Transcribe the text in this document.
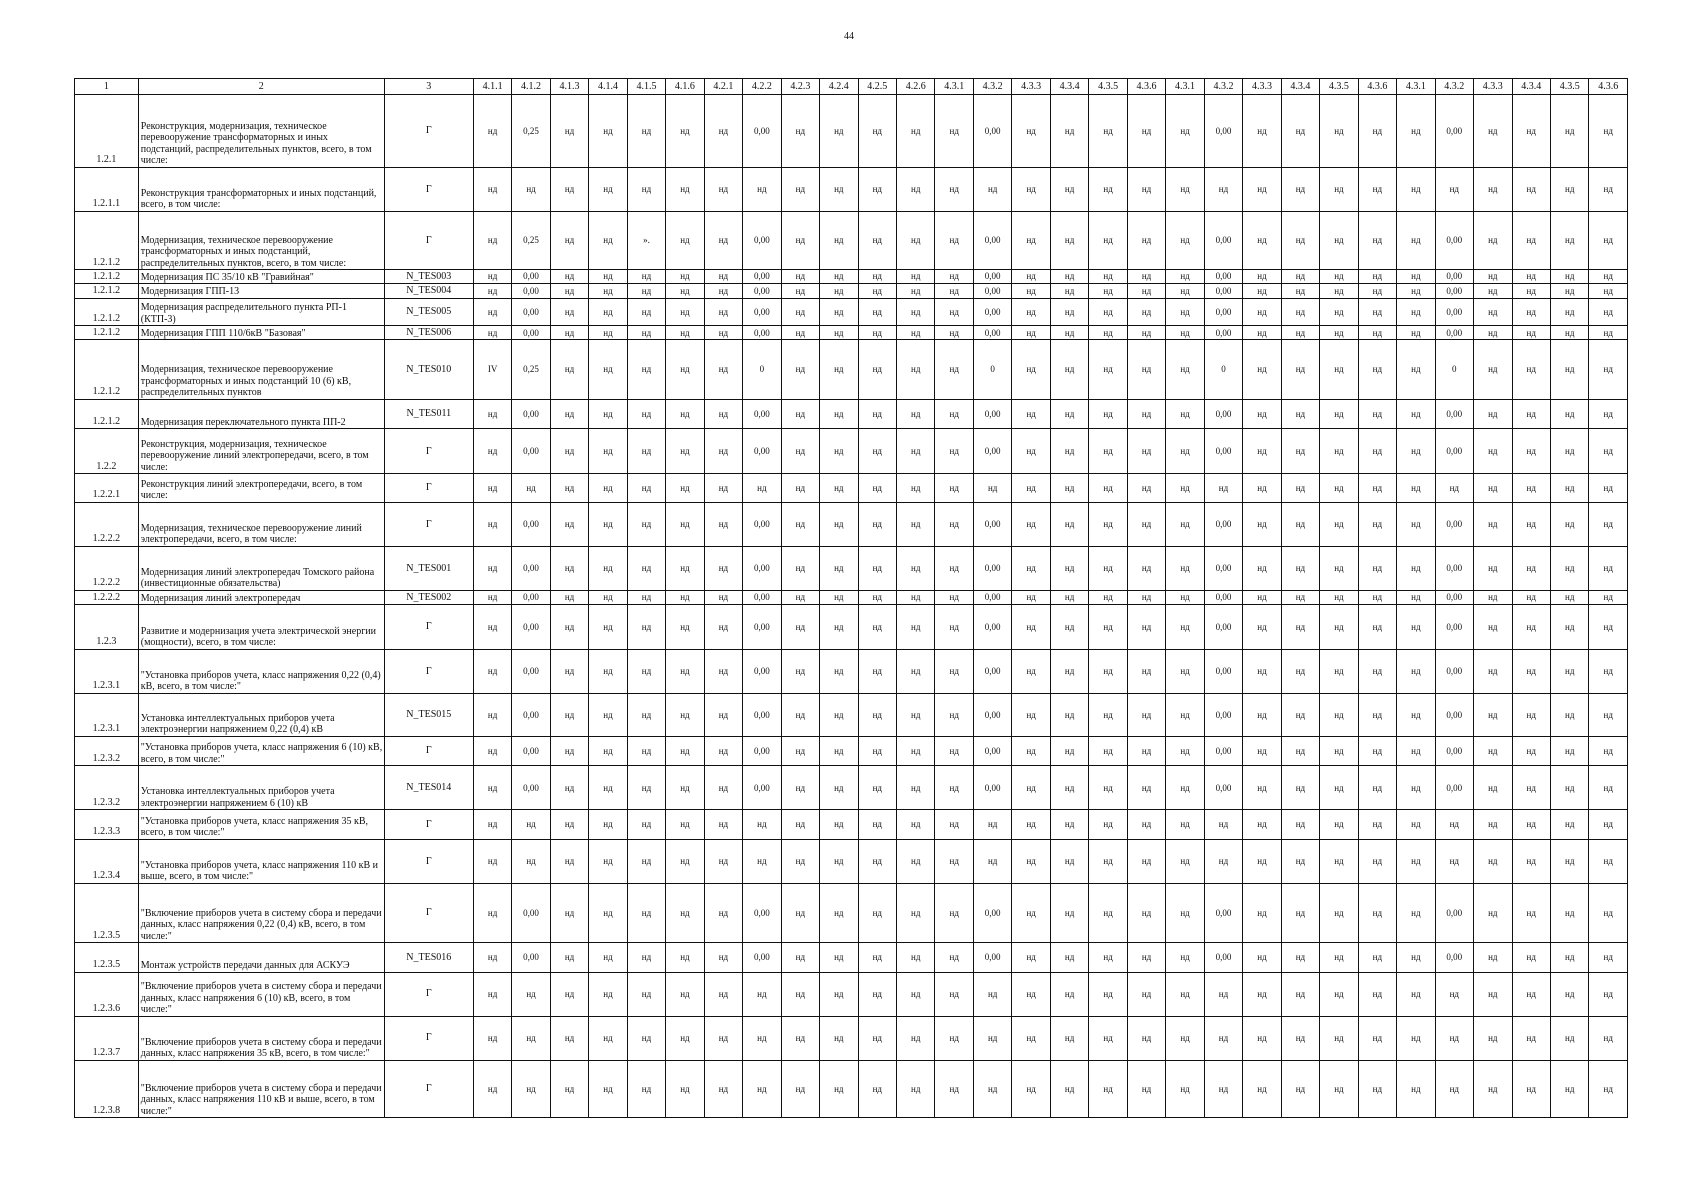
44
1	2	3	4.1.1	4.1.2	4.1.3	4.1.4	4.1.5	4.1.6	4.2.1	4.2.2	4.2.3	4.2.4	4.2.5	4.2.6	4.3.1	4.3.2	4.3.3	4.3.4	4.3.5	4.3.6	4.3.1	4.3.2	4.3.3	4.3.4	4.3.5	4.3.6	4.3.1	4.3.2	4.3.3	4.3.4	4.3.5	4.3.6
1.2.1	Реконструкция, модернизация, техническое перевооружение трансформаторных и иных подстанций, распределительных пунктов, всего, в том числе:	Г	нд	0,25	нд	нд	нд	нд	нд	0,00	нд	нд	нд	нд	нд	0,00	нд	нд	нд	нд	нд	0,00	нд	нд	нд	нд	нд	0,00	нд	нд	нд	нд
1.2.1.1	Реконструкция трансформаторных и иных подстанций, всего, в том числе:	Г	нд	нд	нд	нд	нд	нд	нд	нд	нд	нд	нд	нд	нд	нд	нд	нд	нд	нд	нд	нд	нд	нд	нд	нд	нд	нд	нд	нд	нд	нд
1.2.1.2	Модернизация, техническое перевооружение трансформаторных и иных подстанций, распределительных пунктов, всего, в том числе:	Г	нд	0,25	нд	нд	».	нд	нд	0,00	нд	нд	нд	нд	нд	0,00	нд	нд	нд	нд	нд	0,00	нд	нд	нд	нд	нд	0,00	нд	нд	нд	нд
1.2.1.2	Модернизация ПС 35/10 кВ "Гравийная"	N_TES003	нд	0,00	нд	нд	нд	нд	нд	0,00	нд	нд	нд	нд	нд	0,00	нд	нд	нд	нд	нд	0,00	нд	нд	нд	нд	нд	0,00	нд	нд	нд	нд
1.2.1.2	Модернизация ГПП-13	N_TES004	нд	0,00	нд	нд	нд	нд	нд	0,00	нд	нд	нд	нд	нд	0,00	нд	нд	нд	нд	нд	0,00	нд	нд	нд	нд	нд	0,00	нд	нд	нд	нд
1.2.1.2	Модернизация распределительного пункта РП-1 (КТП-3)	N_TES005	нд	0,00	нд	нд	нд	нд	нд	0,00	нд	нд	нд	нд	нд	0,00	нд	нд	нд	нд	нд	0,00	нд	нд	нд	нд	нд	0,00	нд	нд	нд	нд
1.2.1.2	Модернизация ГПП 110/6кВ "Базовая"	N_TES006	нд	0,00	нд	нд	нд	нд	нд	0,00	нд	нд	нд	нд	нд	0,00	нд	нд	нд	нд	нд	0,00	нд	нд	нд	нд	нд	0,00	нд	нд	нд	нд
1.2.1.2	Модернизация, техническое перевооружение трансформаторных и иных подстанций 10 (6) кВ, распределительных пунктов	N_TES010	IV	0,25	нд	нд	нд	нд	нд	0	нд	нд	нд	нд	нд	0	нд	нд	нд	нд	нд	0	нд	нд	нд	нд	нд	0	нд	нд	нд	нд
1.2.1.2	Модернизация переключательного пункта ПП-2	N_TES011	нд	0,00	нд	нд	нд	нд	нд	0,00	нд	нд	нд	нд	нд	0,00	нд	нд	нд	нд	нд	0,00	нд	нд	нд	нд	нд	0,00	нд	нд	нд	нд
1.2.2	Реконструкция, модернизация, техническое перевооружение линий электропередачи, всего, в том числе:	Г	нд	0,00	нд	нд	нд	нд	нд	0,00	нд	нд	нд	нд	нд	0,00	нд	нд	нд	нд	нд	0,00	нд	нд	нд	нд	нд	0,00	нд	нд	нд	нд
1.2.2.1	Реконструкция линий электропередачи, всего, в том числе:	Г	нд	нд	нд	нд	нд	нд	нд	нд	нд	нд	нд	нд	нд	нд	нд	нд	нд	нд	нд	нд	нд	нд	нд	нд	нд	нд	нд	нд	нд	нд
1.2.2.2	Модернизация, техническое перевооружение линий электропередачи, всего, в том числе:	Г	нд	0,00	нд	нд	нд	нд	нд	0,00	нд	нд	нд	нд	нд	0,00	нд	нд	нд	нд	нд	0,00	нд	нд	нд	нд	нд	0,00	нд	нд	нд	нд
1.2.2.2	Модернизация линий электропередач Томского района (инвестиционные обязательства)	N_TES001	нд	0,00	нд	нд	нд	нд	нд	0,00	нд	нд	нд	нд	нд	0,00	нд	нд	нд	нд	нд	0,00	нд	нд	нд	нд	нд	0,00	нд	нд	нд	нд
1.2.2.2	Модернизация линий электропередач	N_TES002	нд	0,00	нд	нд	нд	нд	нд	0,00	нд	нд	нд	нд	нд	0,00	нд	нд	нд	нд	нд	0,00	нд	нд	нд	нд	нд	0,00	нд	нд	нд	нд
1.2.3	Развитие и модернизация учета электрической энергии (мощности), всего, в том числе:	Г	нд	0,00	нд	нд	нд	нд	нд	0,00	нд	нд	нд	нд	нд	0,00	нд	нд	нд	нд	нд	0,00	нд	нд	нд	нд	нд	0,00	нд	нд	нд	нд
1.2.3.1	"Установка приборов учета, класс напряжения 0,22 (0,4) кВ, всего, в том числе:"	Г	нд	0,00	нд	нд	нд	нд	нд	0,00	нд	нд	нд	нд	нд	0,00	нд	нд	нд	нд	нд	0,00	нд	нд	нд	нд	нд	0,00	нд	нд	нд	нд
1.2.3.1	Установка интеллектуальных приборов учета электроэнергии напряжением 0,22 (0,4) кВ	N_TES015	нд	0,00	нд	нд	нд	нд	нд	0,00	нд	нд	нд	нд	нд	0,00	нд	нд	нд	нд	нд	0,00	нд	нд	нд	нд	нд	0,00	нд	нд	нд	нд
1.2.3.2	"Установка приборов учета, класс напряжения 6 (10) кВ, всего, в том числе:"	Г	нд	0,00	нд	нд	нд	нд	нд	0,00	нд	нд	нд	нд	нд	0,00	нд	нд	нд	нд	нд	0,00	нд	нд	нд	нд	нд	0,00	нд	нд	нд	нд
1.2.3.2	Установка интеллектуальных приборов учета электроэнергии напряжением 6 (10) кВ	N_TES014	нд	0,00	нд	нд	нд	нд	нд	0,00	нд	нд	нд	нд	нд	0,00	нд	нд	нд	нд	нд	0,00	нд	нд	нд	нд	нд	0,00	нд	нд	нд	нд
1.2.3.3	"Установка приборов учета, класс напряжения 35 кВ, всего, в том числе:"	Г	нд	нд	нд	нд	нд	нд	нд	нд	нд	нд	нд	нд	нд	нд	нд	нд	нд	нд	нд	нд	нд	нд	нд	нд	нд	нд	нд	нд	нд	нд
1.2.3.4	"Установка приборов учета, класс напряжения 110 кВ и выше, всего, в том числе:"	Г	нд	нд	нд	нд	нд	нд	нд	нд	нд	нд	нд	нд	нд	нд	нд	нд	нд	нд	нд	нд	нд	нд	нд	нд	нд	нд	нд	нд	нд	нд
1.2.3.5	"Включение приборов учета в систему сбора и передачи данных, класс напряжения 0,22 (0,4) кВ, всего, в том числе:"	Г	нд	0,00	нд	нд	нд	нд	нд	0,00	нд	нд	нд	нд	нд	0,00	нд	нд	нд	нд	нд	0,00	нд	нд	нд	нд	нд	0,00	нд	нд	нд	нд
1.2.3.5	Монтаж устройств передачи данных для АСКУЭ	N_TES016	нд	0,00	нд	нд	нд	нд	нд	0,00	нд	нд	нд	нд	нд	0,00	нд	нд	нд	нд	нд	0,00	нд	нд	нд	нд	нд	0,00	нд	нд	нд	нд
1.2.3.6	"Включение приборов учета в систему сбора и передачи данных, класс напряжения 6 (10) кВ, всего, в том числе:"	Г	нд	нд	нд	нд	нд	нд	нд	нд	нд	нд	нд	нд	нд	нд	нд	нд	нд	нд	нд	нд	нд	нд	нд	нд	нд	нд	нд	нд	нд	нд
1.2.3.7	"Включение приборов учета в систему сбора и передачи данных, класс напряжения 35 кВ, всего, в том числе:"	Г	нд	нд	нд	нд	нд	нд	нд	нд	нд	нд	нд	нд	нд	нд	нд	нд	нд	нд	нд	нд	нд	нд	нд	нд	нд	нд	нд	нд	нд	нд
1.2.3.8	"Включение приборов учета в систему сбора и передачи данных, класс напряжения 110 кВ и выше, всего, в том числе:"	Г	нд	нд	нд	нд	нд	нд	нд	нд	нд	нд	нд	нд	нд	нд	нд	нд	нд	нд	нд	нд	нд	нд	нд	нд	нд	нд	нд	нд	нд	нд
